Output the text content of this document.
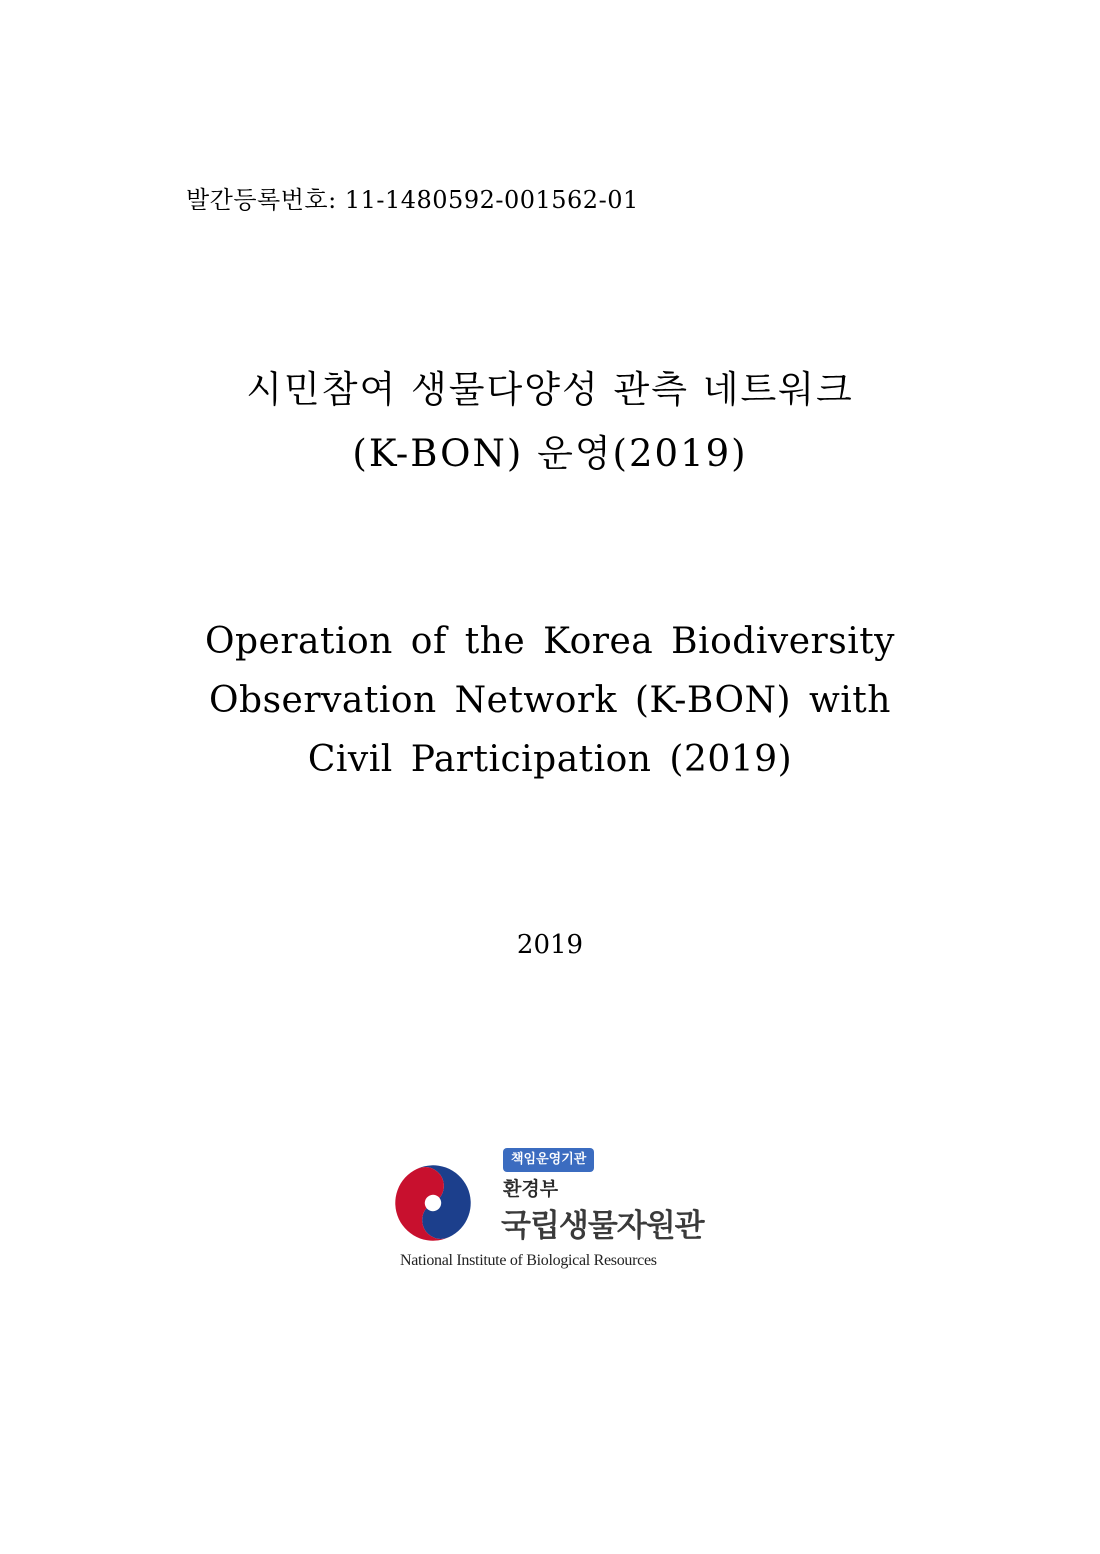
발간등록번호: 11-1480592-001562-01
시민참여 생물다양성 관측 네트워크
(K-BON) 운영(2019)
Operation of the Korea Biodiversity
Observation Network (K-BON) with
Civil Participation (2019)
2019
책임운영기관
환경부
국립생물자원관
National Institute of Biological Resources
